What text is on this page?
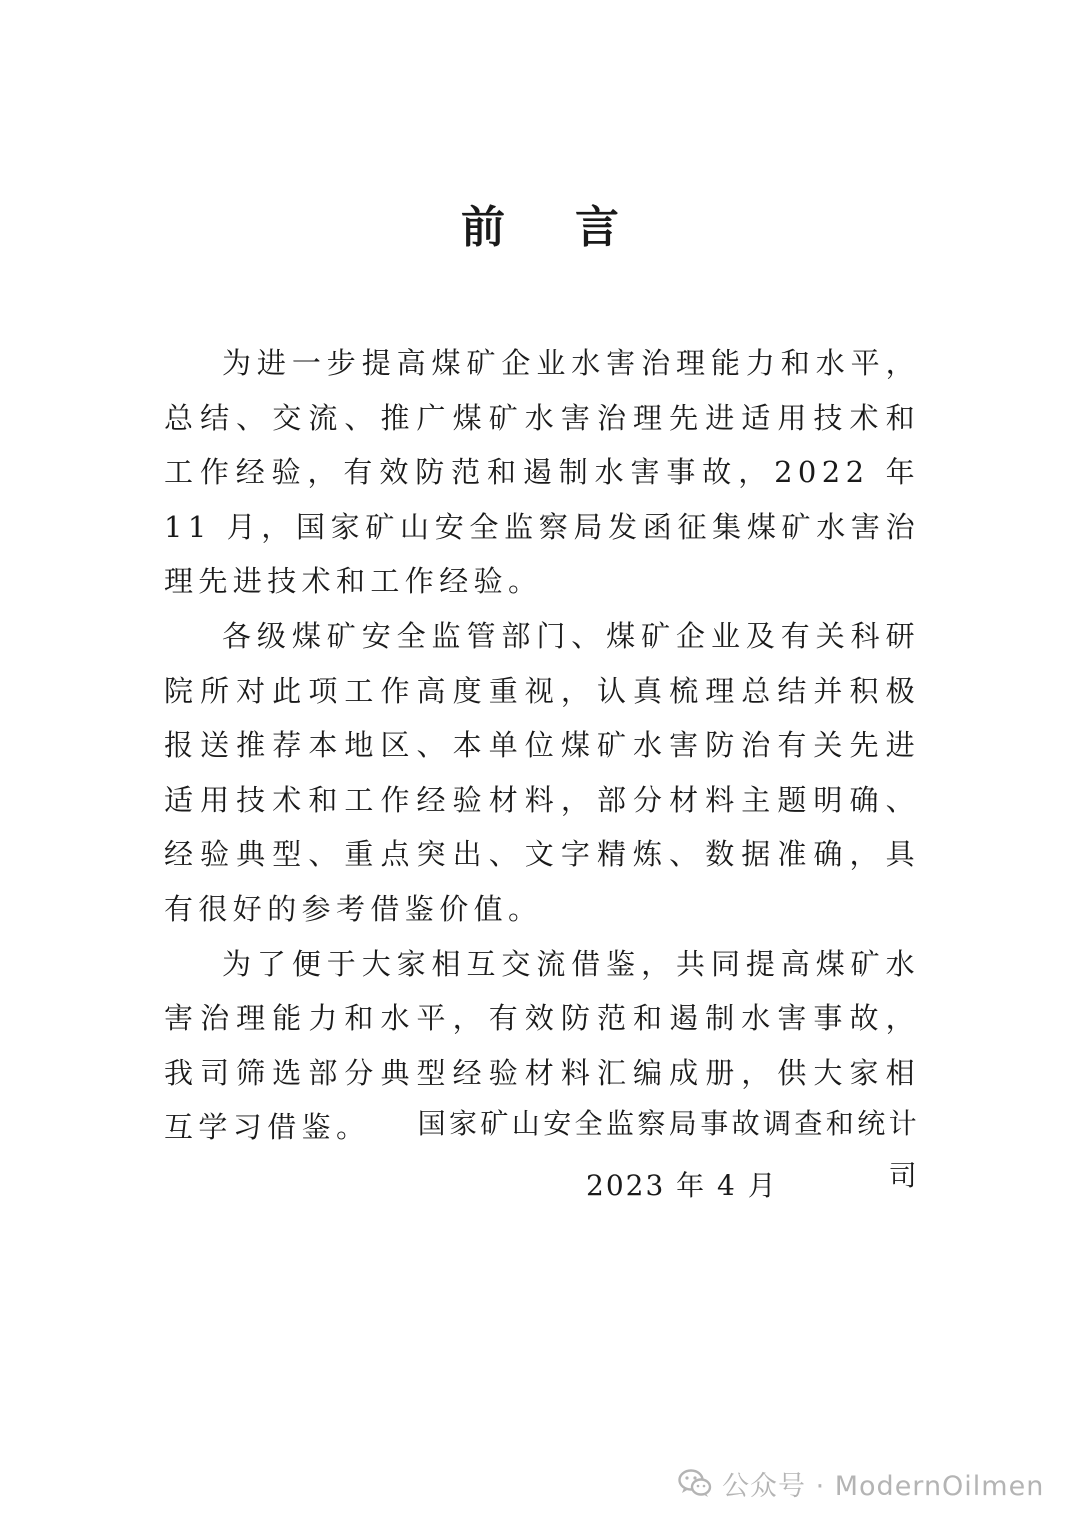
前言

为进一步提高煤矿企业水害治理能力和水平，总结、交流、推广煤矿水害治理先进适用技术和工作经验，有效防范和遏制水害事故，2022 年 11 月，国家矿山安全监察局发函征集煤矿水害治理先进技术和工作经验。

各级煤矿安全监管部门、煤矿企业及有关科研院所对此项工作高度重视，认真梳理总结并积极报送推荐本地区、本单位煤矿水害防治有关先进适用技术和工作经验材料，部分材料主题明确、经验典型、重点突出、文字精炼、数据准确，具有很好的参考借鉴价值。

为了便于大家相互交流借鉴，共同提高煤矿水害治理能力和水平，有效防范和遏制水害事故，我司筛选部分典型经验材料汇编成册，供大家相互学习借鉴。	国家矿山安全监察局事故调查和统计司

2023 年 4 月

公众号 · ModernOilmen
